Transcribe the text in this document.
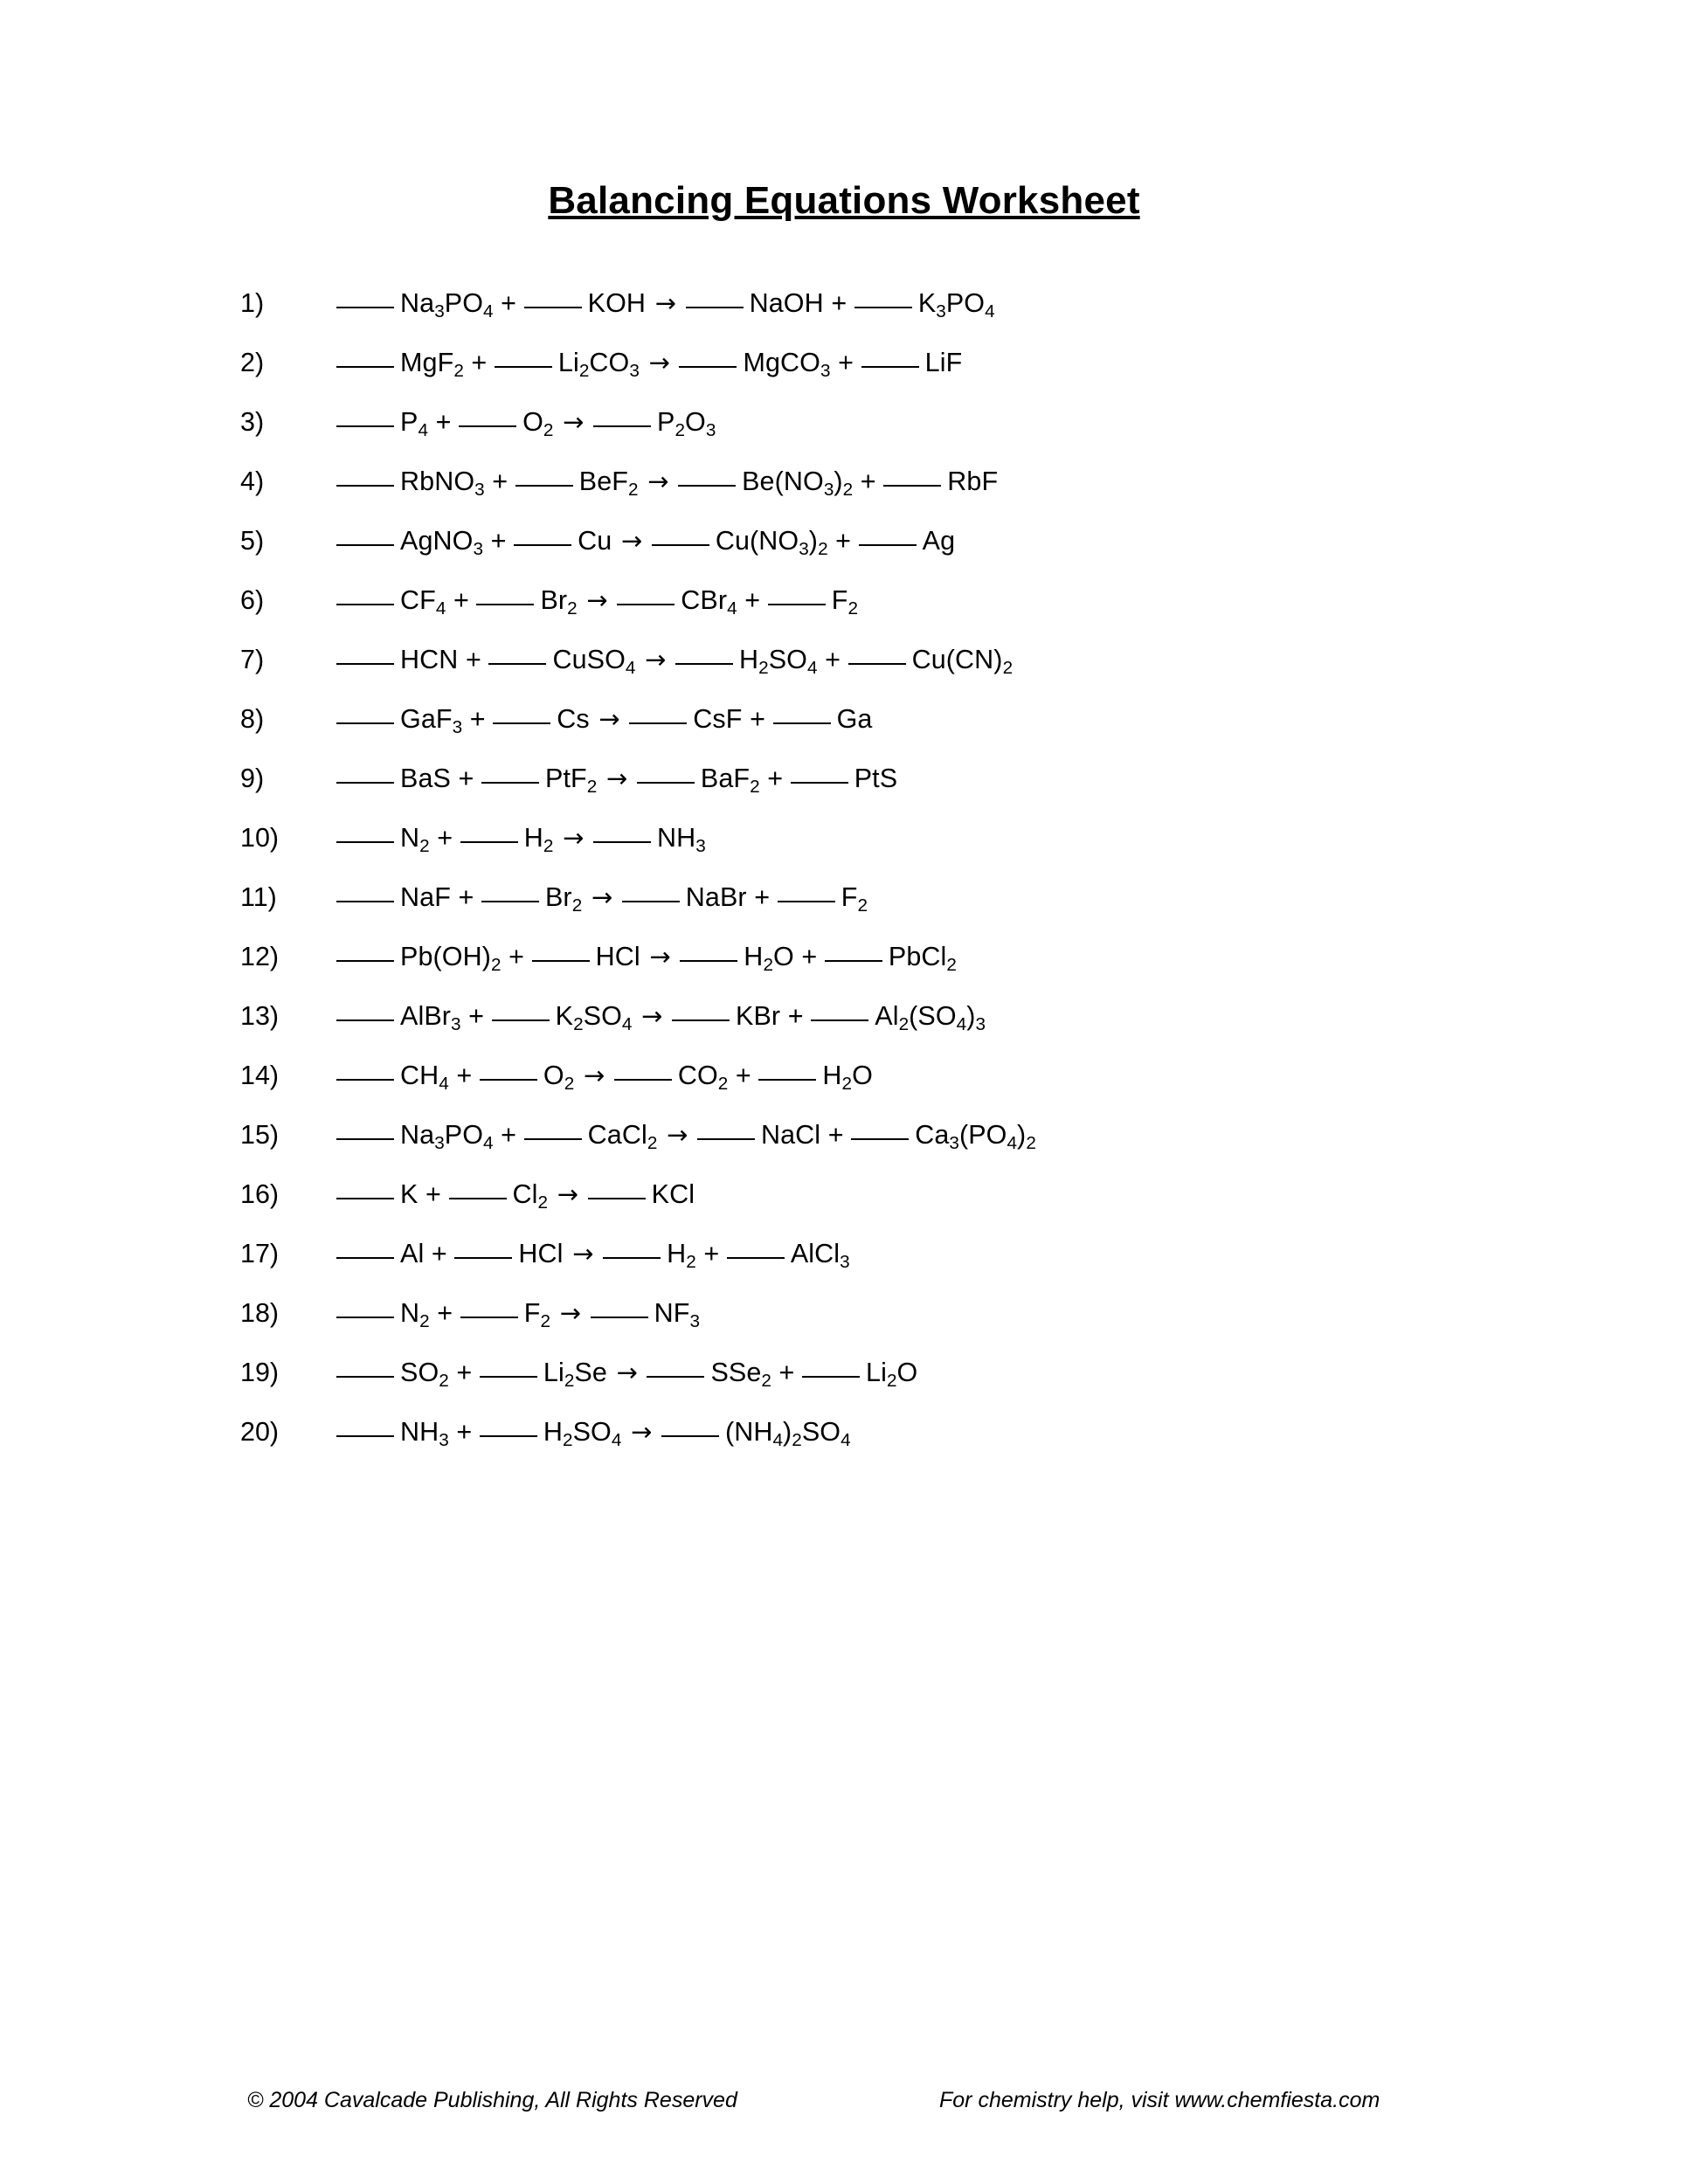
Balancing Equations Worksheet
1)	$Na_3PO_4$ + KOH →	NaOH + $K_3PO_4$
2)	$MgF_2 + Li_2CO_3$ →	MgCO$_3$ + LiF
3)	$P_4 + O_2$ →	$P_2O_3$
4)	RbNO$_3$ + BeF$_2$ →	$Be(NO_3)_2$ + RbF
5)	AgNO$_3$ + Cu →	$Cu(NO_3)_2 + Ag$
6)	$CF_4 + Br_2$ →	$CBr_4 + F_2$
7)	HCN + CuSO$_4$ →	$H_2SO_4 + Cu(CN)_2$
8)	GaF$_3$ + Cs →	CsF + Ga
9)	BaS + PtF$_2$ →	BaF$_2$ + PtS
10)	$N_2 + H_2$ →	$NH_3$
11)	NaF + $Br_2$ →	NaBr + $F_2$
12)	$Pb(OH)_2$ + HCl →	$H_2O$ + PbCl$_2$
13)	AlBr$_3$ + $K_2SO_4$ →	KBr + $Al_2(SO_4)_3$
14)	$CH_4 + O_2$ →	$CO_2 + H_2O$
15)	$Na_3PO_4$ + CaCl$_2$ →	NaCl + $Ca_3(PO_4)_2$
16)	$K + Cl_2$ →	KCl
17)	Al + HCl →	$H_2$ + AlCl$_3$
18)	$N_2 + F_2$ →	$NF_3$
19)	$SO_2 + Li_2Se$ →	$SSe_2 + Li_2O$
20)	$NH_3 + H_2SO_4$ →	$(NH_4)_2SO_4$
© 2004 Cavalcade Publishing, All Rights Reserved	For chemistry help, visit www.chemfiesta.com
